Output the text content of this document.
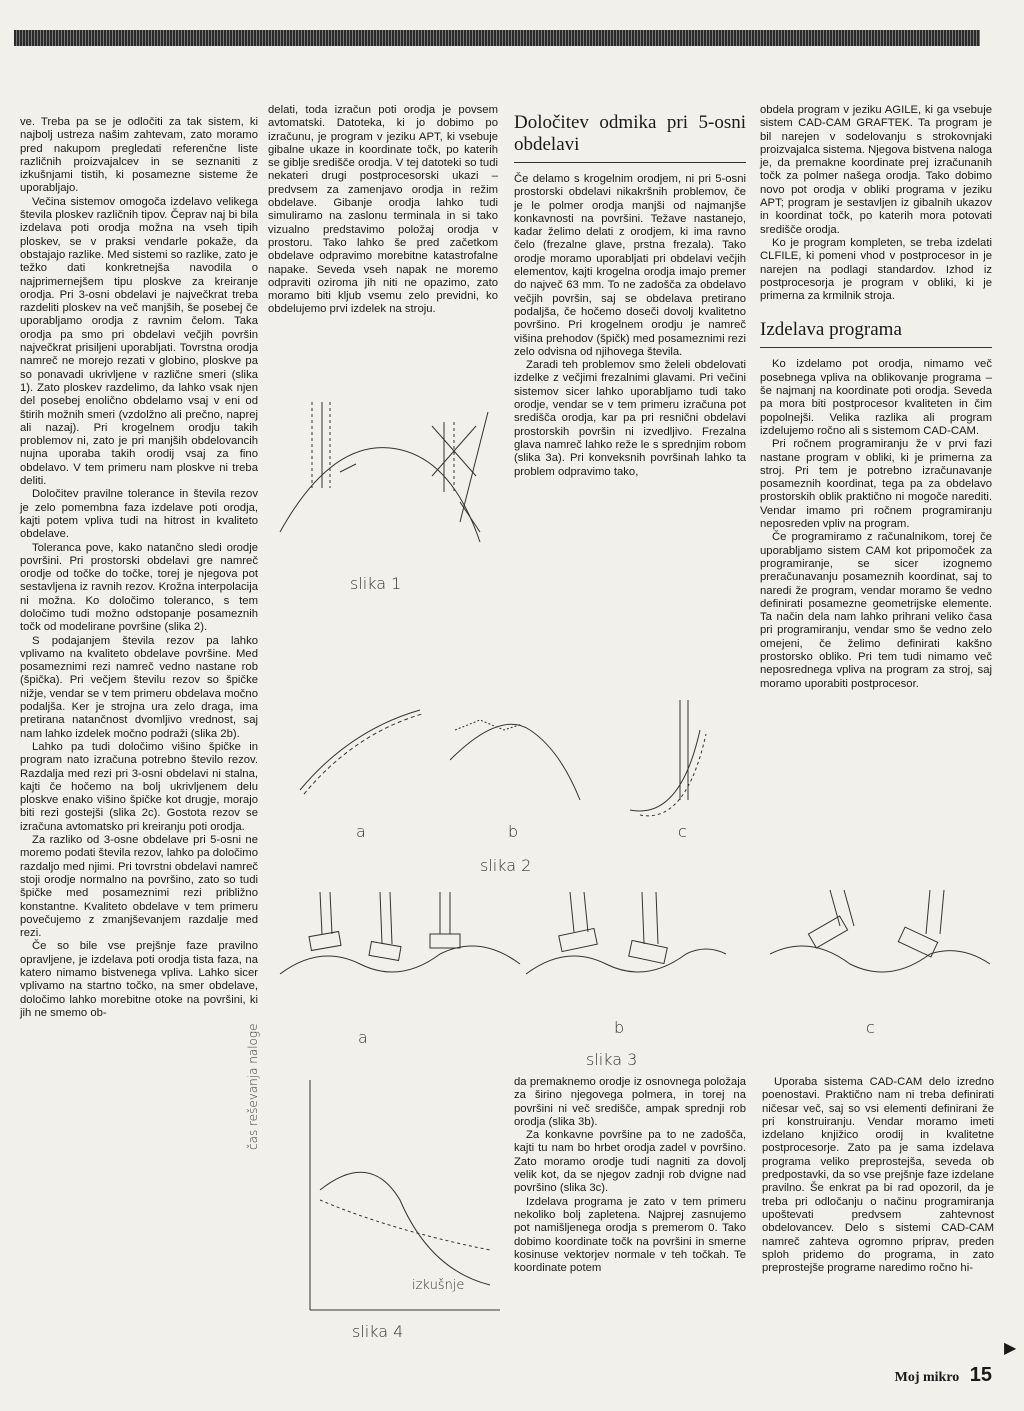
ve. Treba pa se je odločiti za tak sistem, ki najbolj ustreza našim zahtevam, zato moramo pred nakupom pregledati referenčne liste različnih proizvajalcev in se seznaniti z izkušnjami tistih, ki posamezne sisteme že uporabljajo.

Večina sistemov omogoča izdelavo velikega števila ploskev različnih tipov. Čeprav naj bi bila izdelava poti orodja možna na vseh tipih ploskev, se v praksi vendarle pokaže, da obstajajo razlike. Med sistemi so razlike, zato je težko dati konkretnejša navodila o najprimernejšem tipu ploskve za kreiranje orodja. Pri 3-osni obdelavi je največkrat treba razdeliti ploskev na več manjših, še posebej če uporabljamo orodja z ravnim čelom. Taka orodja pa smo pri obdelavi večjih površin največkrat prisiljeni uporabljati. Tovrstna orodja namreč ne morejo rezati v globino, ploskve pa so ponavadi ukrivljene v različne smeri (slika 1). Zato ploskev razdelimo, da lahko vsak njen del posebej enolično obdelamo vsaj v eni od štirih možnih smeri (vzdolžno ali prečno, naprej ali nazaj). Pri krogelnem orodju takih problemov ni, zato je pri manjših obdelovancih nujna uporaba takih orodij vsaj za fino obdelavo. V tem primeru nam ploskve ni treba deliti.

Določitev pravilne tolerance in števila rezov je zelo pomembna faza izdelave poti orodja, kajti potem vpliva tudi na hitrost in kvaliteto obdelave.

Toleranca pove, kako natančno sledi orodje površini. Pri prostorski obdelavi gre namreč orodje od točke do točke, torej je njegova pot sestavljena iz ravnih rezov. Krožna interpolacija ni možna. Ko določimo toleranco, s tem določimo tudi možno odstopanje posameznih točk od modelirane površine (slika 2).

S podajanjem števila rezov pa lahko vplivamo na kvaliteto obdelave površine. Med posameznimi rezi namreč vedno nastane rob (špička). Pri večjem številu rezov so špičke nižje, vendar se v tem primeru obdelava močno podaljša. Ker je strojna ura zelo draga, ima pretirana natančnost dvomljivo vrednost, saj nam lahko izdelek močno podraži (slika 2b).

Lahko pa tudi določimo višino špičke in program nato izračuna potrebno število rezov. Razdalja med rezi pri 3-osni obdelavi ni stalna, kajti če hočemo na bolj ukrivljenem delu ploskve enako višino špičke kot drugje, morajo biti rezi gostejši (slika 2c). Gostota rezov se izračuna avtomatsko pri kreiranju poti orodja.

Za razliko od 3-osne obdelave pri 5-osni ne moremo podati števila rezov, lahko pa določimo razdaljo med njimi. Pri tovrstni obdelavi namreč stoji orodje normalno na površino, zato so tudi špičke med posameznimi rezi približno konstantne. Kvaliteto obdelave v tem primeru povečujemo z zmanjševanjem razdalje med rezi.

Če so bile vse prejšnje faze pravilno opravljene, je izdelava poti orodja tista faza, na katero nimamo bistvenega vpliva. Lahko sicer vplivamo na startno točko, na smer obdelave, določimo lahko morebitne otoke na površini, ki jih ne smemo ob-

delati, toda izračun poti orodja je povsem avtomatski. Datoteka, ki jo dobimo po izračunu, je program v jeziku APT, ki vsebuje gibalne ukaze in koordinate točk, po katerih se giblje središče orodja. V tej datoteki so tudi nekateri drugi postprocesorski ukazi – predvsem za zamenjavo orodja in režim obdelave. Gibanje orodja lahko tudi simuliramo na zaslonu terminala in si tako vizualno predstavimo položaj orodja v prostoru. Tako lahko še pred začetkom obdelave odpravimo morebitne katastrofalne napake. Seveda vseh napak ne moremo odpraviti oziroma jih niti ne opazimo, zato moramo biti kljub vsemu zelo previdni, ko obdelujemo prvi izdelek na stroju.

Določitev odmika pri 5-osni obdelavi

Če delamo s krogelnim orodjem, ni pri 5-osni prostorski obdelavi nikakršnih problemov, če je le polmer orodja manjši od najmanjše konkavnosti na površini. Težave nastanejo, kadar želimo delati z orodjem, ki ima ravno čelo (frezalne glave, prstna frezala). Tako orodje moramo uporabljati pri obdelavi večjih elementov, kajti krogelna orodja imajo premer do največ 63 mm. To ne zadošča za obdelavo večjih površin, saj se obdelava pretirano podaljša, če hočemo doseči dovolj kvalitetno površino. Pri krogelnem orodju je namreč višina prehodov (špičk) med posameznimi rezi zelo odvisna od njihovega števila.

Zaradi teh problemov smo želeli obdelovati izdelke z večjimi frezalnimi glavami. Pri večini sistemov sicer lahko uporabljamo tudi tako orodje, vendar se v tem primeru izračuna pot središča orodja, kar pa pri resnični obdelavi prostorskih površin ni izvedljivo. Frezalna glava namreč lahko reže le s sprednjim robom (slika 3a). Pri konveksnih površinah lahko ta problem odpravimo tako,

obdela program v jeziku AGILE, ki ga vsebuje sistem CAD-CAM GRAFTEK. Ta program je bil narejen v sodelovanju s strokovnjaki proizvajalca sistema. Njegova bistvena naloga je, da premakne koordinate prej izračunanih točk za polmer našega orodja. Tako dobimo novo pot orodja v obliki programa v jeziku APT; program je sestavljen iz gibalnih ukazov in koordinat točk, po katerih mora potovati središče orodja.

Ko je program kompleten, se treba izdelati CLFILE, ki pomeni vhod v postprocesor in je narejen na podlagi standardov. Izhod iz postprocesorja je program v obliki, ki je primerna za krmilnik stroja.

Izdelava programa

Ko izdelamo pot orodja, nimamo več posebnega vpliva na oblikovanje programa – še najmanj na koordinate poti orodja. Seveda pa mora biti postprocesor kvaliteten in čim popolnejši. Velika razlika ali program izdelujemo ročno ali s sistemom CAD-CAM.

Pri ročnem programiranju že v prvi fazi nastane program v obliki, ki je primerna za stroj. Pri tem je potrebno izračunavanje posameznih koordinat, tega pa za obdelavo prostorskih oblik praktično ni mogoče narediti. Vendar imamo pri ročnem programiranju neposreden vpliv na program.

Če programiramo z računalnikom, torej če uporabljamo sistem CAM kot pripomoček za programiranje, se sicer izognemo preračunavanju posameznih koordinat, saj to naredi že program, vendar moramo še vedno definirati posamezne geometrijske elemente. Ta način dela nam lahko prihrani veliko časa pri programiranju, vendar smo še vedno zelo omejeni, če želimo definirati kakšno prostorsko obliko. Pri tem tudi nimamo več neposrednega vpliva na program za stroj, saj moramo uporabiti postprocesor.

slika 1
a	b	c
slika 2
a
b	c
slika 3
čas reševanja naloge
izkušnje
slika 4

da premaknemo orodje iz osnovnega položaja za širino njegovega polmera, in torej na površini ni več središče, ampak sprednji rob orodja (slika 3b).

Za konkavne površine pa to ne zadošča, kajti tu nam bo hrbet orodja zadel v površino. Zato moramo orodje tudi nagniti za dovolj velik kot, da se njegov zadnji rob dvigne nad površino (slika 3c).

Izdelava programa je zato v tem primeru nekoliko bolj zapletena. Najprej zasnujemo pot namišljenega orodja s premerom 0. Tako dobimo koordinate točk na površini in smerne kosinuse vektorjev normale v teh točkah. Te koordinate potem

Uporaba sistema CAD-CAM delo izredno poenostavi. Praktično nam ni treba definirati ničesar več, saj so vsi elementi definirani že pri konstruiranju. Vendar moramo imeti izdelano knjižico orodij in kvalitetne postprocesorje. Zato pa je sama izdelava programa veliko preprostejša, seveda ob predpostavki, da so vse prejšnje faze izdelane pravilno. Še enkrat pa bi rad opozoril, da je treba pri odločanju o načinu programiranja upoštevati predvsem zahtevnost obdelovancev. Delo s sistemi CAD-CAM namreč zahteva ogromno priprav, preden sploh pridemo do programa, in zato preprostejše programe naredimo ročno hi-

▶
Moj mikro 15
